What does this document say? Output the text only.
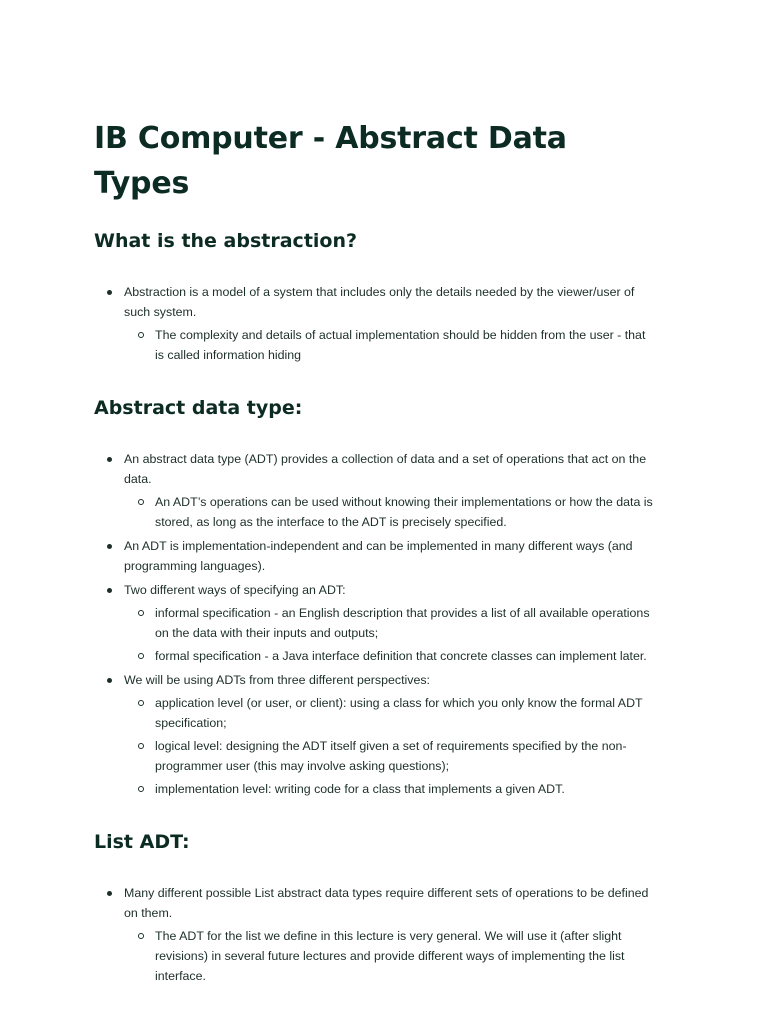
IB Computer - Abstract Data Types
What is the abstraction?
Abstraction is a model of a system that includes only the details needed by the viewer/user of such system.
The complexity and details of actual implementation should be hidden from the user - that is called information hiding
Abstract data type:
An abstract data type (ADT) provides a collection of data and a set of operations that act on the data.
An ADT’s operations can be used without knowing their implementations or how the data is stored, as long as the interface to the ADT is precisely specified.
An ADT is implementation-independent and can be implemented in many different ways (and programming languages).
Two different ways of specifying an ADT:
informal specification - an English description that provides a list of all available operations on the data with their inputs and outputs;
formal specification - a Java interface definition that concrete classes can implement later.
We will be using ADTs from three different perspectives:
application level (or user, or client): using a class for which you only know the formal ADT specification;
logical level: designing the ADT itself given a set of requirements specified by the non-programmer user (this may involve asking questions);
implementation level: writing code for a class that implements a given ADT.
List ADT:
Many different possible List abstract data types require different sets of operations to be defined on them.
The ADT for the list we define in this lecture is very general. We will use it (after slight revisions) in several future lectures and provide different ways of implementing the list interface.
